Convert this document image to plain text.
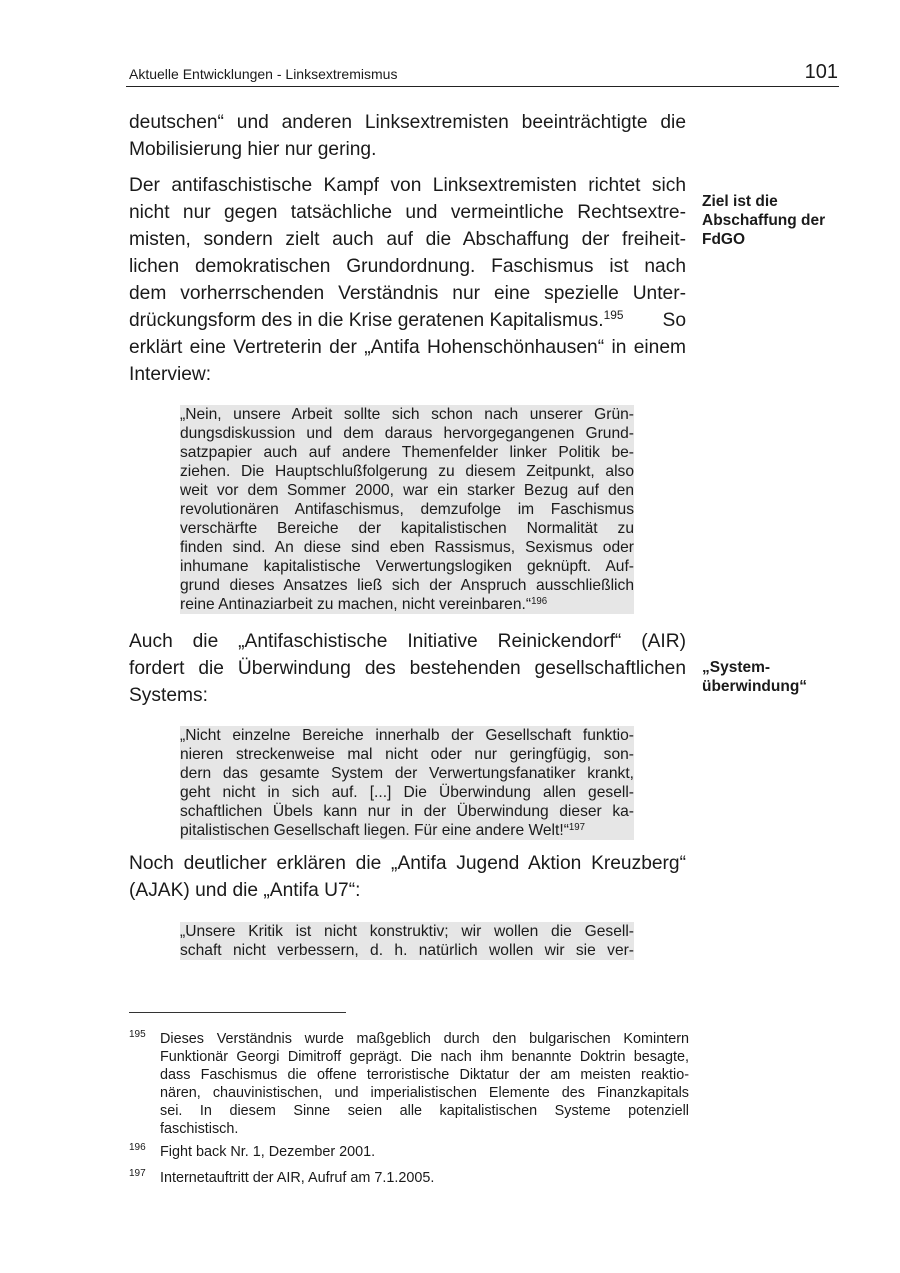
Aktuelle Entwicklungen - Linksextremismus	101
deutschen“ und anderen Linksextremisten beeinträchtigte die
Mobilisierung hier nur gering.
Der antifaschistische Kampf von Linksextremisten richtet sich
nicht nur gegen tatsächliche und vermeintliche Rechtsextre-
misten, sondern zielt auch auf die Abschaffung der freiheit-
lichen demokratischen Grundordnung. Faschismus ist nach
dem vorherrschenden Verständnis nur eine spezielle Unter-
drückungsform des in die Krise geratenen Kapitalismus.$^{195}$ So
erklärt eine Vertreterin der „Antifa Hohenschönhausen“ in einem
Interview:
Ziel ist die
Abschaffung der
FdGO
„Nein, unsere Arbeit sollte sich schon nach unserer Grün-
dungsdiskussion und dem daraus hervorgegangenen Grund-
satzpapier auch auf andere Themenfelder linker Politik be-
ziehen. Die Hauptschlußfolgerung zu diesem Zeitpunkt, also
weit vor dem Sommer 2000, war ein starker Bezug auf den
revolutionären Antifaschismus, demzufolge im Faschismus
verschärfte Bereiche der kapitalistischen Normalität zu
finden sind. An diese sind eben Rassismus, Sexismus oder
inhumane kapitalistische Verwertungslogiken geknüpft. Auf-
grund dieses Ansatzes ließ sich der Anspruch ausschließlich
reine Antinaziarbeit zu machen, nicht vereinbaren.“$^{196}$
Auch die „Antifaschistische Initiative Reinickendorf“ (AIR)
fordert die Überwindung des bestehenden gesellschaftlichen
Systems:
„System-
überwindung“
„Nicht einzelne Bereiche innerhalb der Gesellschaft funktio-
nieren streckenweise mal nicht oder nur geringfügig, son-
dern das gesamte System der Verwertungsfanatiker krankt,
geht nicht in sich auf. [...] Die Überwindung allen gesell-
schaftlichen Übels kann nur in der Überwindung dieser ka-
pitalistischen Gesellschaft liegen. Für eine andere Welt!“$^{197}$
Noch deutlicher erklären die „Antifa Jugend Aktion Kreuzberg“
(AJAK) und die „Antifa U7“:
„Unsere Kritik ist nicht konstruktiv; wir wollen die Gesell-
schaft nicht verbessern, d. h. natürlich wollen wir sie ver-
195 Dieses Verständnis wurde maßgeblich durch den bulgarischen Komintern
Funktionär Georgi Dimitroff geprägt. Die nach ihm benannte Doktrin besagte,
dass Faschismus die offene terroristische Diktatur der am meisten reaktio-
nären, chauvinistischen, und imperialistischen Elemente des Finanzkapitals
sei. In diesem Sinne seien alle kapitalistischen Systeme potenziell
faschistisch.
196 Fight back Nr. 1, Dezember 2001.
197 Internetauftritt der AIR, Aufruf am 7.1.2005.
